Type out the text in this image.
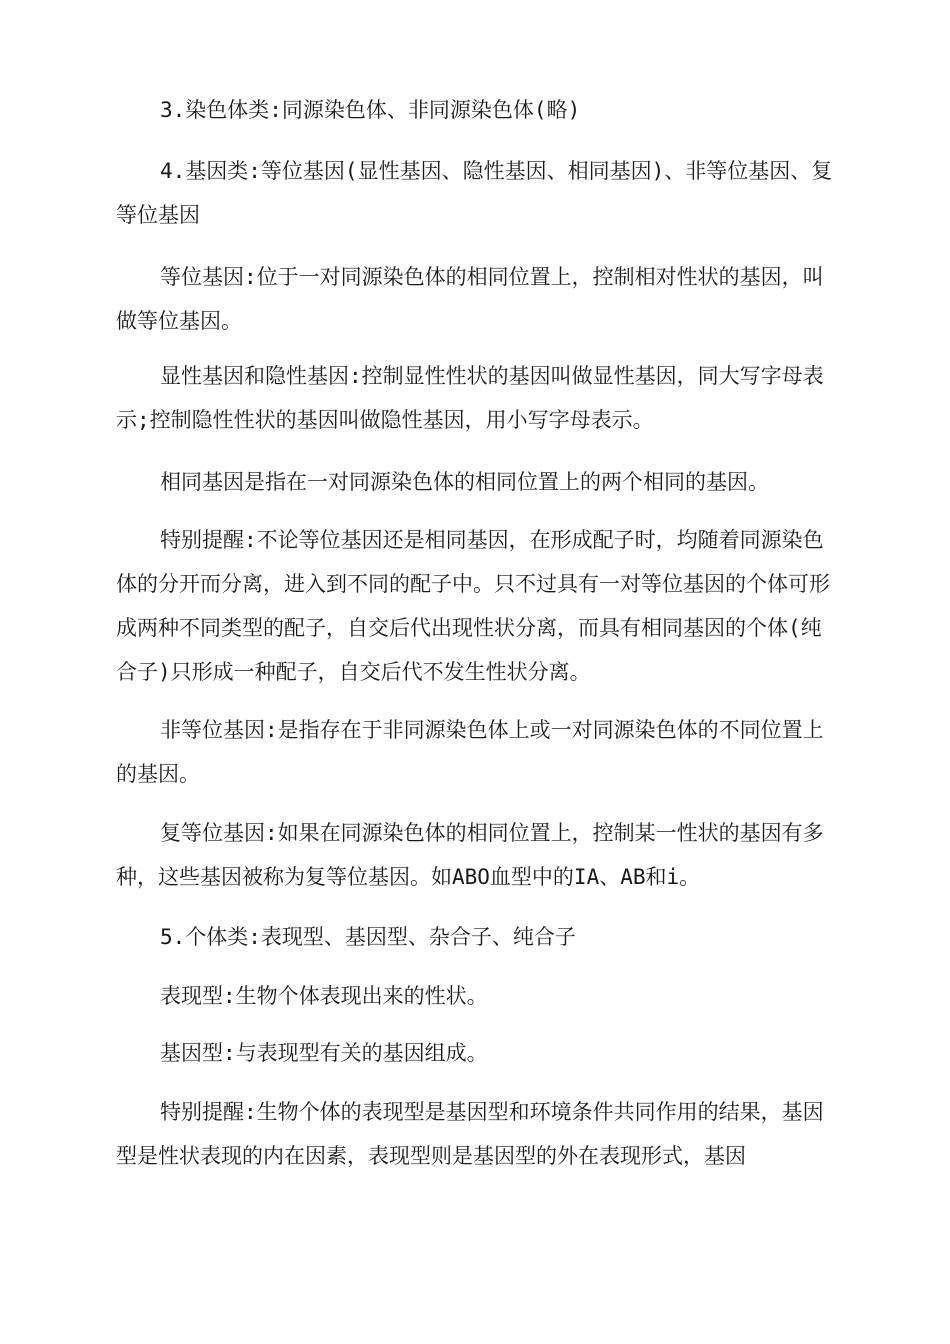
3.染色体类:同源染色体、非同源染色体(略)

4.基因类:等位基因(显性基因、隐性基因、相同基因)、非等位基因、复等位基因

等位基因:位于一对同源染色体的相同位置上，控制相对性状的基因，叫做等位基因。

显性基因和隐性基因:控制显性性状的基因叫做显性基因，同大写字母表示;控制隐性性状的基因叫做隐性基因，用小写字母表示。

相同基因是指在一对同源染色体的相同位置上的两个相同的基因。

特别提醒:不论等位基因还是相同基因，在形成配子时，均随着同源染色体的分开而分离，进入到不同的配子中。只不过具有一对等位基因的个体可形成两种不同类型的配子，自交后代出现性状分离，而具有相同基因的个体(纯合子)只形成一种配子，自交后代不发生性状分离。

非等位基因:是指存在于非同源染色体上或一对同源染色体的不同位置上的基因。

复等位基因:如果在同源染色体的相同位置上，控制某一性状的基因有多种，这些基因被称为复等位基因。如ABO血型中的IA、AB和i。

5.个体类:表现型、基因型、杂合子、纯合子

表现型:生物个体表现出来的性状。

基因型:与表现型有关的基因组成。

特别提醒:生物个体的表现型是基因型和环境条件共同作用的结果，基因型是性状表现的内在因素，表现型则是基因型的外在表现形式，基因
